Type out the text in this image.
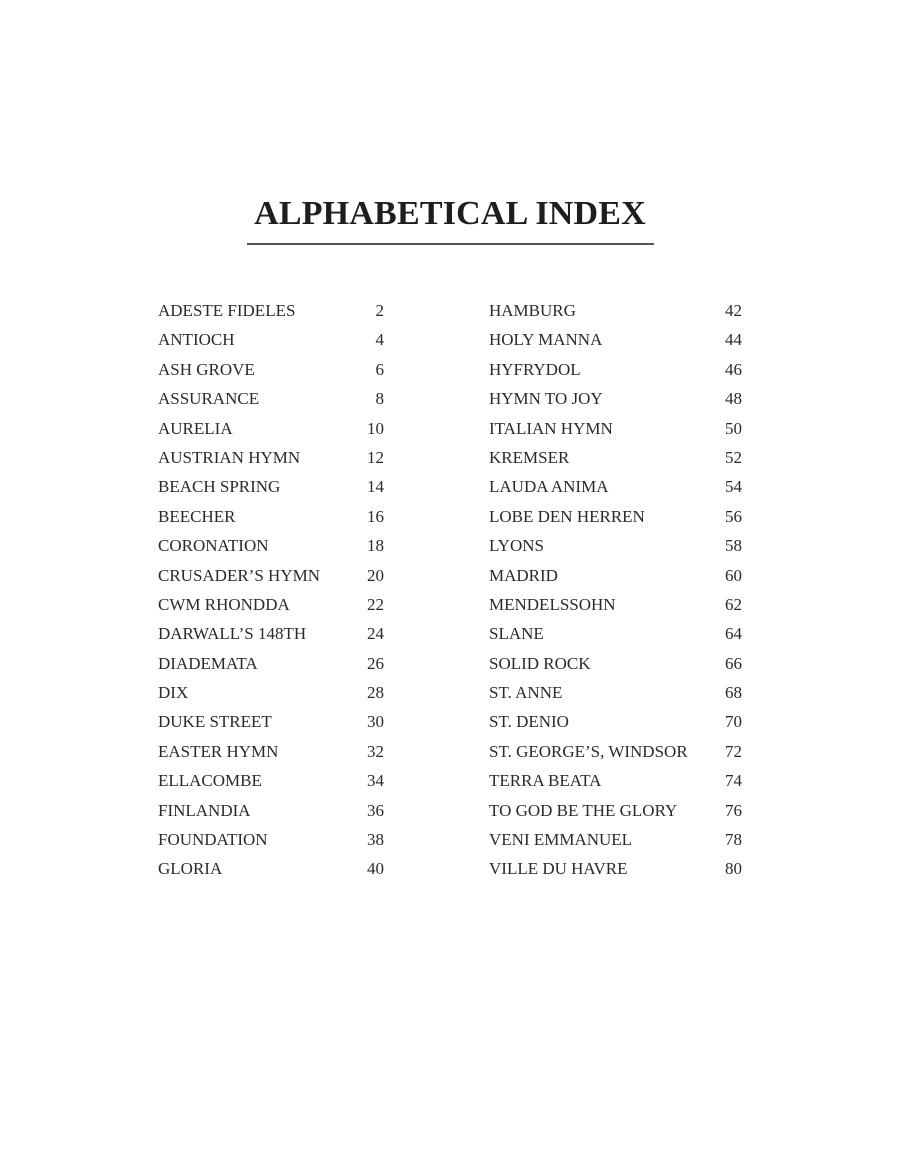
ALPHABETICAL INDEX
ADESTE FIDELES	2
ANTIOCH	4
ASH GROVE	6
ASSURANCE	8
AURELIA	10
AUSTRIAN HYMN	12
BEACH SPRING	14
BEECHER	16
CORONATION	18
CRUSADER’S HYMN	20
CWM RHONDDA	22
DARWALL’S 148TH	24
DIADEMATA	26
DIX	28
DUKE STREET	30
EASTER HYMN	32
ELLACOMBE	34
FINLANDIA	36
FOUNDATION	38
GLORIA	40
HAMBURG	42
HOLY MANNA	44
HYFRYDOL	46
HYMN TO JOY	48
ITALIAN HYMN	50
KREMSER	52
LAUDA ANIMA	54
LOBE DEN HERREN	56
LYONS	58
MADRID	60
MENDELSSOHN	62
SLANE	64
SOLID ROCK	66
ST. ANNE	68
ST. DENIO	70
ST. GEORGE’S, WINDSOR 72
TERRA BEATA	74
TO GOD BE THE GLORY	76
VENI EMMANUEL	78
VILLE DU HAVRE	80
